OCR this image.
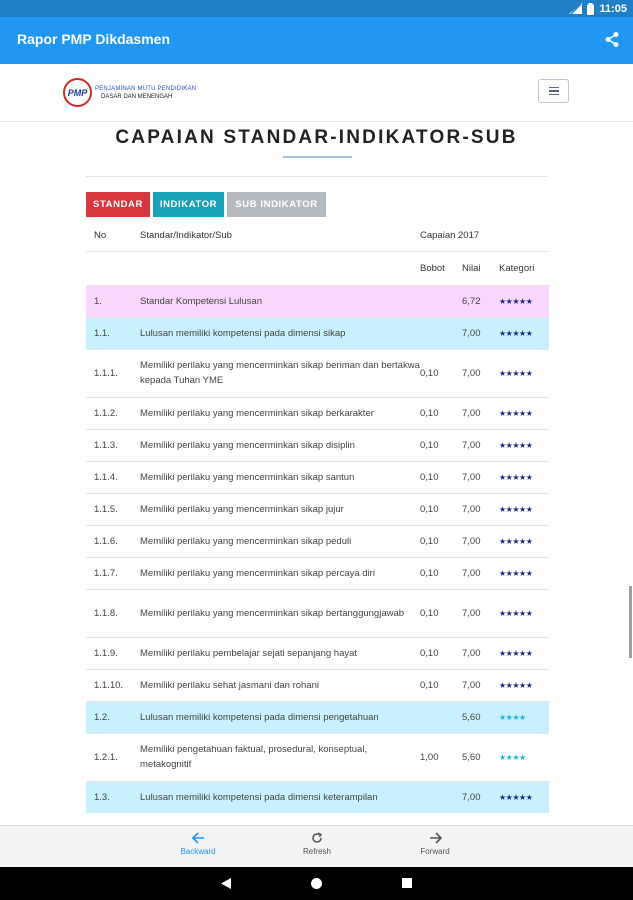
11:05
Rapor PMP Dikdasmen
PMP	PENJAMINAN MUTU PENDIDIKAN
DASAR DAN MENENGAH
CAPAIAN STANDAR-INDIKATOR-SUB
STANDAR	INDIKATOR	SUB INDIKATOR
No	Standar/Indikator/Sub	Capaian 2017		
		Bobot	Nilai	Kategori
1.	Standar Kompetensi Lulusan		6,72	★★★★★
1.1.	Lulusan memiliki kompetensi pada dimensi sikap		7,00	★★★★★
1.1.1.	Memiliki perilaku yang mencerminkan sikap beriman dan bertakwa kepada Tuhan YME	0,10	7,00	★★★★★
1.1.2.	Memiliki perilaku yang mencerminkan sikap berkarakter	0,10	7,00	★★★★★
1.1.3.	Memiliki perilaku yang mencerminkan sikap disiplin	0,10	7,00	★★★★★
1.1.4.	Memiliki perilaku yang mencerminkan sikap santun	0,10	7,00	★★★★★
1.1.5.	Memiliki perilaku yang mencerminkan sikap jujur	0,10	7,00	★★★★★
1.1.6.	Memiliki perilaku yang mencerminkan sikap peduli	0,10	7,00	★★★★★
1.1.7.	Memiliki perilaku yang mencerminkan sikap percaya diri	0,10	7,00	★★★★★
1.1.8.	Memiliki perilaku yang mencerminkan sikap bertanggungjawab	0,10	7,00	★★★★★
1.1.9.	Memiliki perilaku pembelajar sejati sepanjang hayat	0,10	7,00	★★★★★
1.1.10.	Memiliki perilaku sehat jasmani dan rohani	0,10	7,00	★★★★★
1.2.	Lulusan memiliki kompetensi pada dimensi pengetahuan		5,60	★★★★
1.2.1.	Memiliki pengetahuan faktual, prosedural, konseptual, metakognitif	1,00	5,60	★★★★
1.3.	Lulusan memiliki kompetensi pada dimensi keterampilan		7,00	★★★★★
Backward	Refresh	Forward
